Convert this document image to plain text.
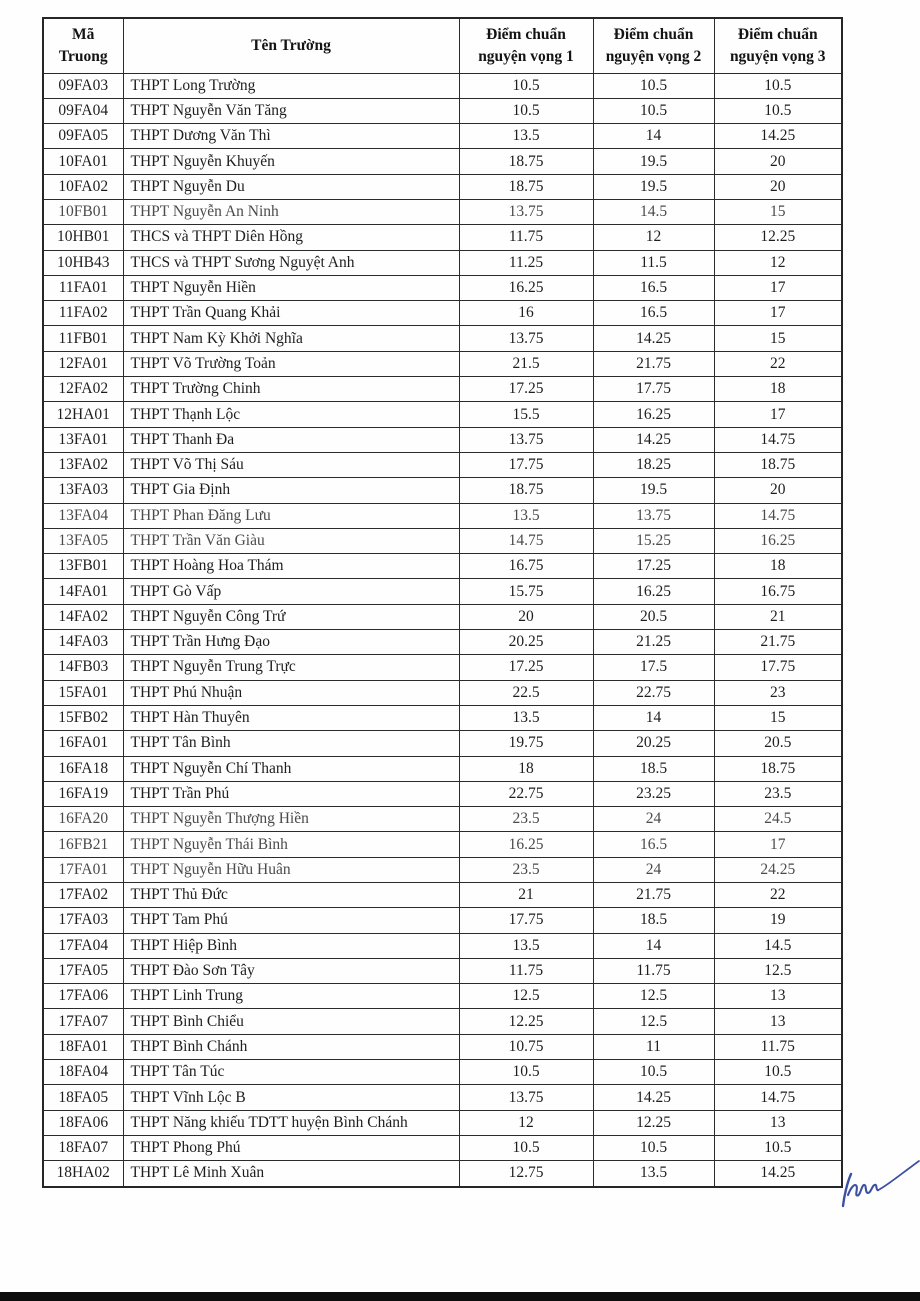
Mã Truong	Tên Trường	Điểm chuẩn nguyện vọng 1	Điểm chuẩn nguyện vọng 2	Điểm chuẩn nguyện vọng 3
09FA03	THPT Long Trường	10.5	10.5	10.5
09FA04	THPT Nguyễn Văn Tăng	10.5	10.5	10.5
09FA05	THPT Dương Văn Thì	13.5	14	14.25
10FA01	THPT Nguyễn Khuyến	18.75	19.5	20
10FA02	THPT Nguyễn Du	18.75	19.5	20
10FB01	THPT Nguyễn An Ninh	13.75	14.5	15
10HB01	THCS và THPT Diên Hồng	11.75	12	12.25
10HB43	THCS và THPT Sương Nguyệt Anh	11.25	11.5	12
11FA01	THPT Nguyễn Hiền	16.25	16.5	17
11FA02	THPT Trần Quang Khải	16	16.5	17
11FB01	THPT Nam Kỳ Khởi Nghĩa	13.75	14.25	15
12FA01	THPT Võ Trường Toản	21.5	21.75	22
12FA02	THPT Trường Chinh	17.25	17.75	18
12HA01	THPT Thạnh Lộc	15.5	16.25	17
13FA01	THPT Thanh Đa	13.75	14.25	14.75
13FA02	THPT Võ Thị Sáu	17.75	18.25	18.75
13FA03	THPT Gia Định	18.75	19.5	20
13FA04	THPT Phan Đăng Lưu	13.5	13.75	14.75
13FA05	THPT Trần Văn Giàu	14.75	15.25	16.25
13FB01	THPT Hoàng Hoa Thám	16.75	17.25	18
14FA01	THPT Gò Vấp	15.75	16.25	16.75
14FA02	THPT Nguyễn Công Trứ	20	20.5	21
14FA03	THPT Trần Hưng Đạo	20.25	21.25	21.75
14FB03	THPT Nguyễn Trung Trực	17.25	17.5	17.75
15FA01	THPT Phú Nhuận	22.5	22.75	23
15FB02	THPT Hàn Thuyên	13.5	14	15
16FA01	THPT Tân Bình	19.75	20.25	20.5
16FA18	THPT Nguyễn Chí Thanh	18	18.5	18.75
16FA19	THPT Trần Phú	22.75	23.25	23.5
16FA20	THPT Nguyễn Thượng Hiền	23.5	24	24.5
16FB21	THPT Nguyễn Thái Bình	16.25	16.5	17
17FA01	THPT Nguyễn Hữu Huân	23.5	24	24.25
17FA02	THPT Thủ Đức	21	21.75	22
17FA03	THPT Tam Phú	17.75	18.5	19
17FA04	THPT Hiệp Bình	13.5	14	14.5
17FA05	THPT Đào Sơn Tây	11.75	11.75	12.5
17FA06	THPT Linh Trung	12.5	12.5	13
17FA07	THPT Bình Chiểu	12.25	12.5	13
18FA01	THPT Bình Chánh	10.75	11	11.75
18FA04	THPT Tân Túc	10.5	10.5	10.5
18FA05	THPT Vĩnh Lộc B	13.75	14.25	14.75
18FA06	THPT Năng khiếu TDTT huyện Bình Chánh	12	12.25	13
18FA07	THPT Phong Phú	10.5	10.5	10.5
18HA02	THPT Lê Minh Xuân	12.75	13.5	14.25
